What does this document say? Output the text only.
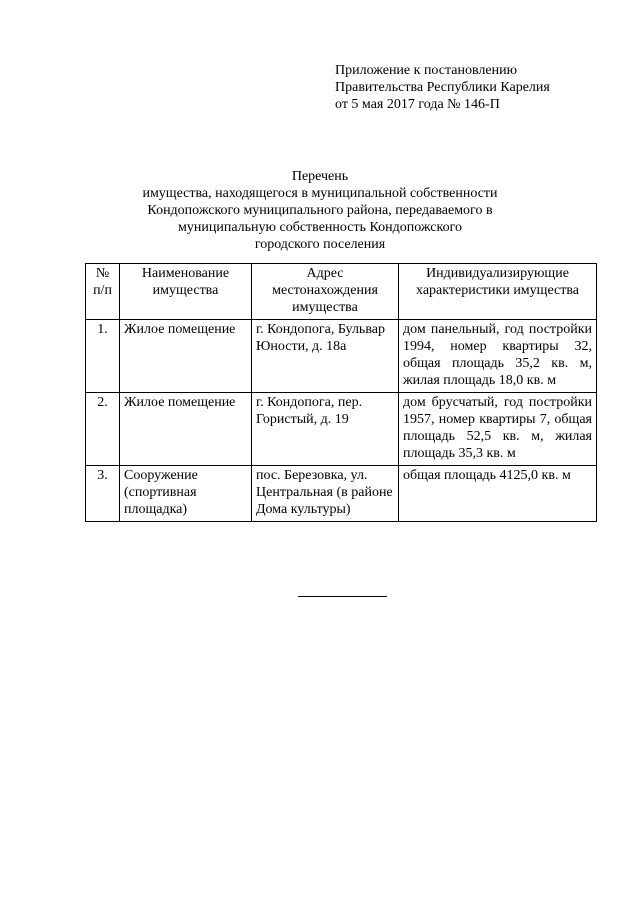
Приложение к постановлению
Правительства Республики Карелия
от 5 мая 2017 года № 146-П
Перечень
имущества, находящегося в муниципальной собственности
Кондопожского муниципального района, передаваемого в
муниципальную собственность Кондопожского
городского поселения
№ п/п	Наименование имущества	Адрес местонахождения имущества	Индивидуализирующие характеристики имущества
1.	Жилое помещение	г. Кондопога, Бульвар Юности, д. 18а	дом панельный, год постройки 1994, номер квартиры 32, общая площадь 35,2 кв. м, жилая площадь 18,0 кв. м
2.	Жилое помещение	г. Кондопога, пер. Гористый, д. 19	дом брусчатый, год постройки 1957, номер квартиры 7, общая площадь 52,5 кв. м, жилая площадь 35,3 кв. м
3.	Сооружение (спортивная площадка)	пос. Березовка, ул. Центральная (в районе Дома культуры)	общая площадь 4125,0 кв. м
